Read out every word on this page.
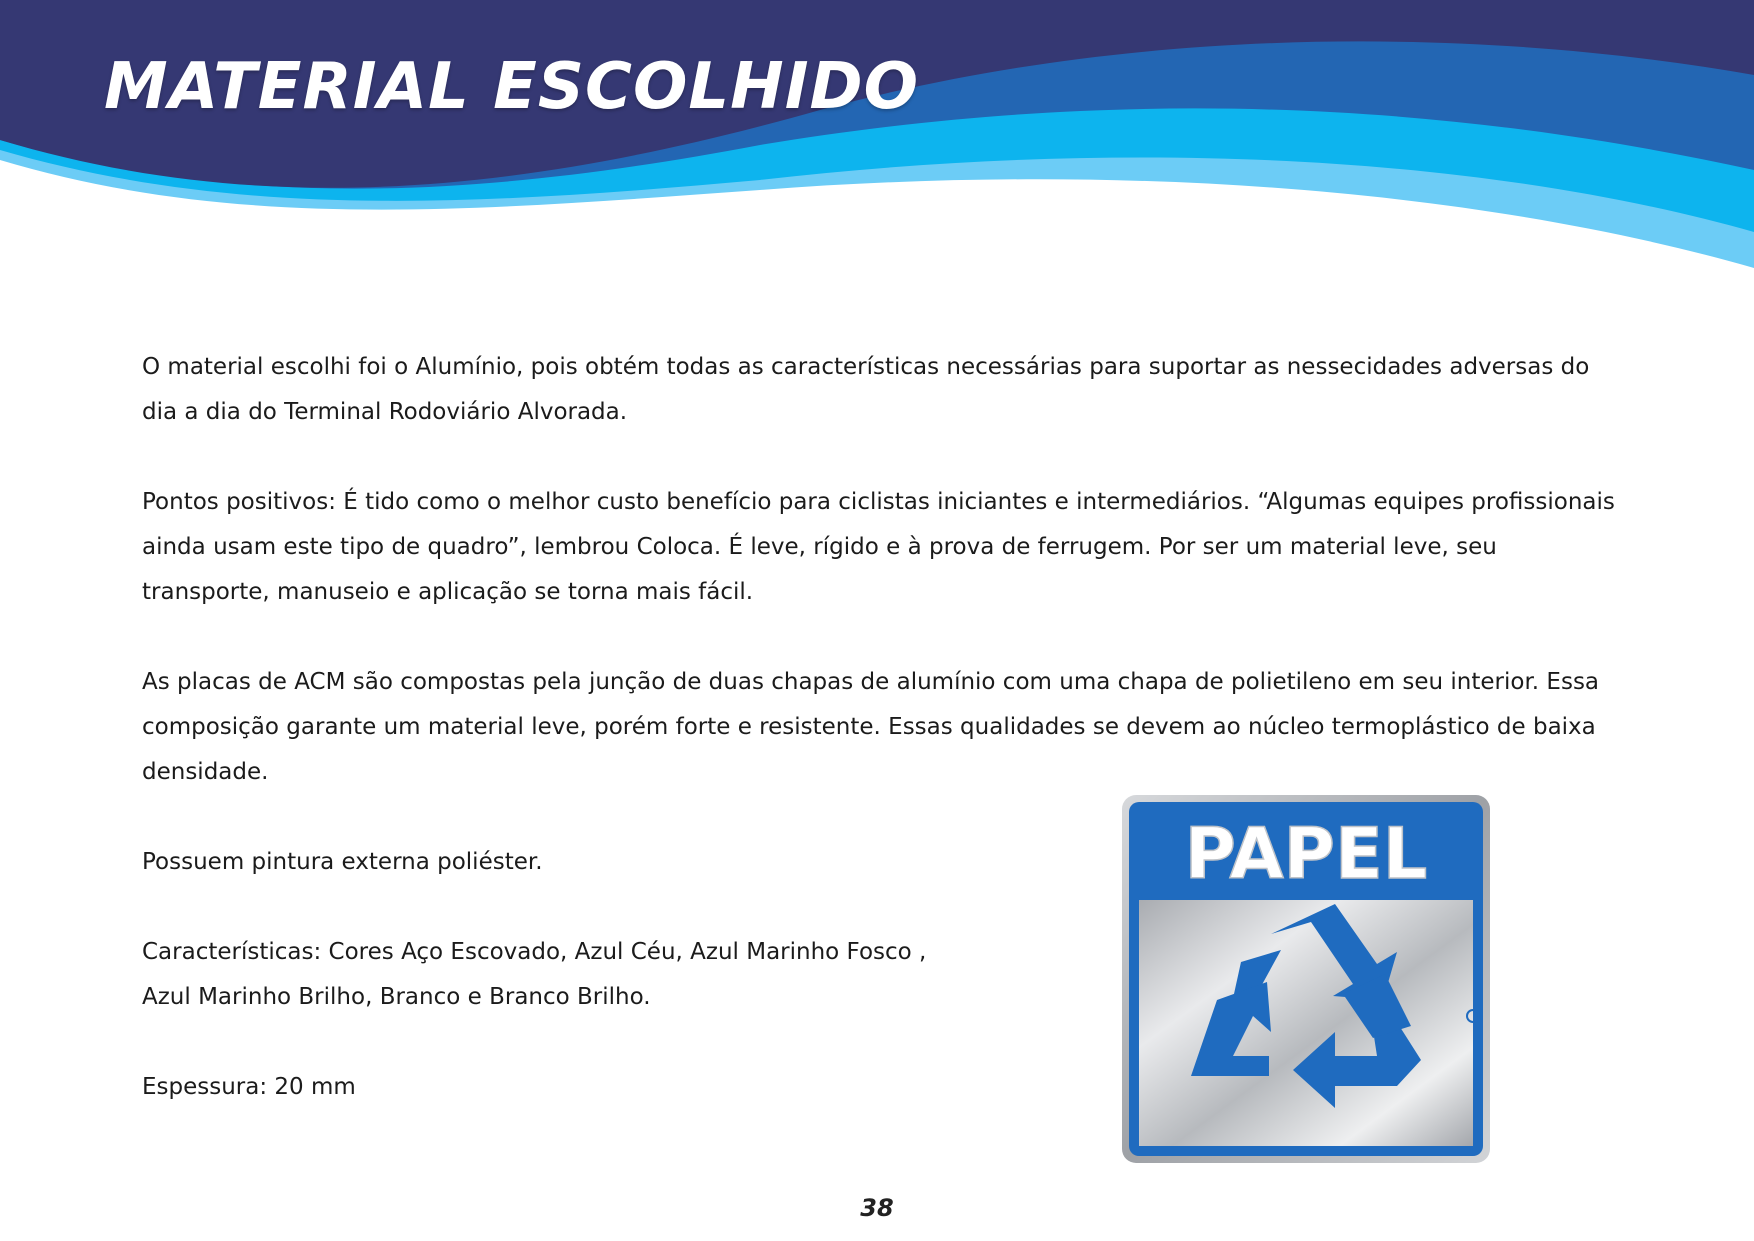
MATERIAL ESCOLHIDO

O material escolhi foi o Alumínio, pois obtém todas as características necessárias para suportar as nessecidades adversas do dia a dia do Terminal Rodoviário Alvorada.

Pontos positivos: É tido como o melhor custo benefício para ciclistas iniciantes e intermediários. “Algumas equipes profissionais ainda usam este tipo de quadro”, lembrou Coloca. É leve, rígido e à prova de ferrugem. Por ser um material leve, seu transporte, manuseio e aplicação se torna mais fácil.

As placas de ACM são compostas pela junção de duas chapas de alumínio com uma chapa de polietileno em seu interior. Essa composição garante um material leve, porém forte e resistente. Essas qualidades se devem ao núcleo termoplástico de baixa densidade.

Possuem pintura externa poliéster.

Características: Cores Aço Escovado, Azul Céu, Azul Marinho Fosco , Azul Marinho Brilho, Branco e Branco Brilho.

Espessura: 20 mm

PAPEL
38
